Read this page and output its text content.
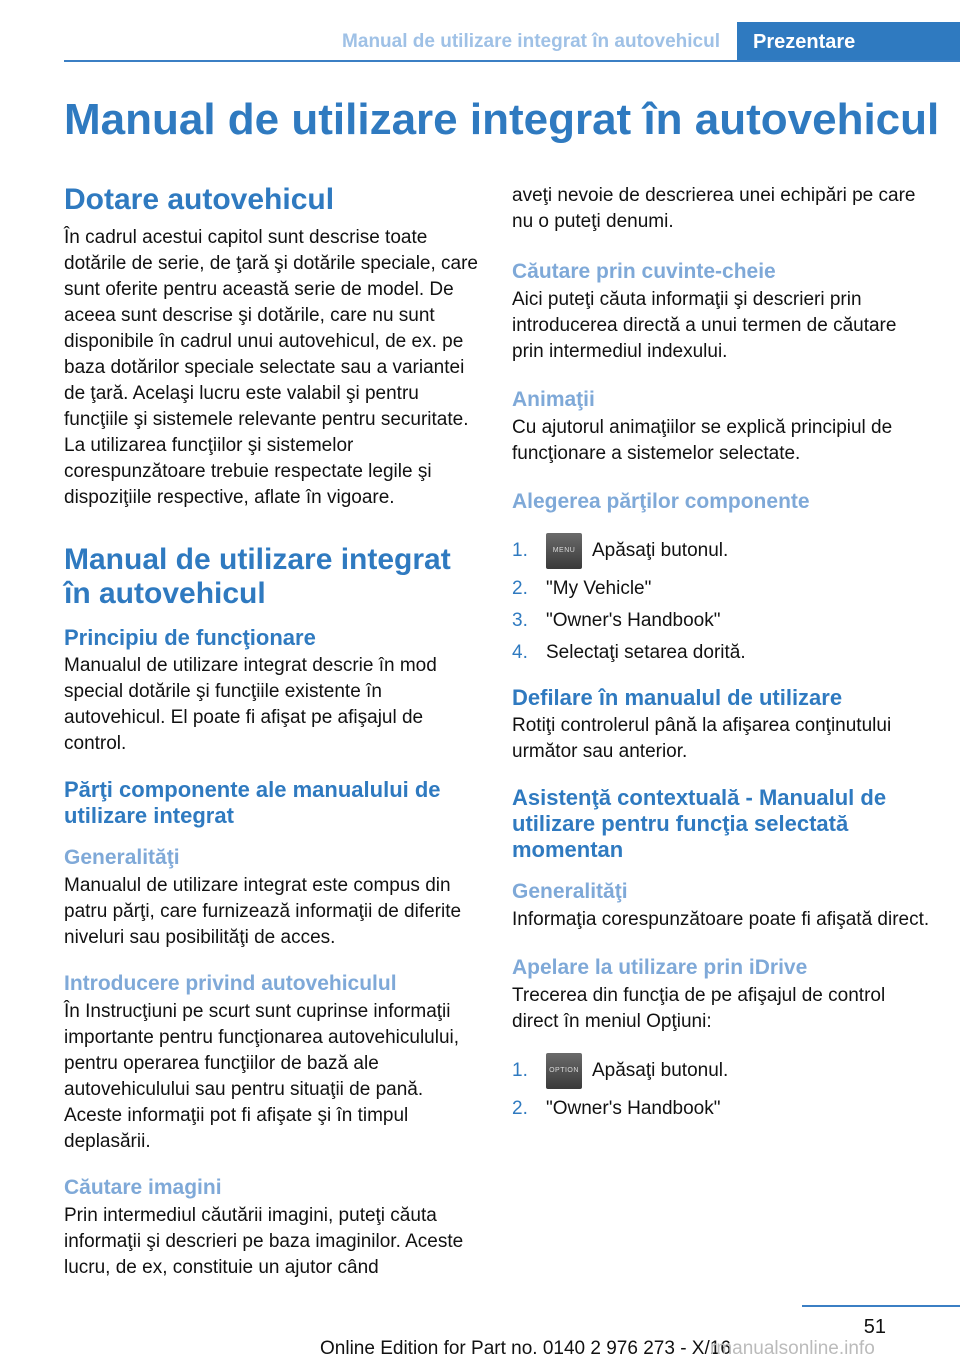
Manual de utilizare integrat în autovehicul	Prezentare
Manual de utilizare integrat în autovehicul
Dotare autovehicul

În cadrul acestui capitol sunt descrise toate dotările de serie, de ţară şi dotările speciale, care sunt oferite pentru această serie de model. De aceea sunt descrise şi dotările, care nu sunt disponibile în cadrul unui autovehicul, de ex. pe baza dotărilor speciale selectate sau a variantei de ţară. Acelaşi lucru este valabil şi pentru funcţiile şi sistemele relevante pentru securitate. La utilizarea funcţiilor şi sistemelor corespunzătoare trebuie respectate legile şi dispoziţiile respective, aflate în vigoare.

Manual de utilizare integrat în autovehicul
Principiu de funcţionare

Manualul de utilizare integrat descrie în mod special dotările şi funcţiile existente în autovehicul. El poate fi afişat pe afişajul de control.

Părţi componente ale manualului de utilizare integrat
Generalităţi

Manualul de utilizare integrat este compus din patru părţi, care furnizează informaţii de diferite niveluri sau posibilităţi de acces.

Introducere privind autovehiculul

În Instrucţiuni pe scurt sunt cuprinse informaţii importante pentru funcţionarea autovehiculului, pentru operarea funcţiilor de bază ale autovehiculului sau pentru situaţii de pană. Aceste informaţii pot fi afişate şi în timpul deplasării.

Căutare imagini

Prin intermediul căutării imagini, puteţi căuta informaţii şi descrieri pe baza imaginilor. Aceste lucru, de ex, constituie un ajutor când

aveţi nevoie de descrierea unei echipări pe care nu o puteţi denumi.

Căutare prin cuvinte-cheie

Aici puteţi căuta informaţii şi descrieri prin introducerea directă a unui termen de căutare prin intermediul indexului.

Animaţii

Cu ajutorul animaţiilor se explică principiul de funcţionare a sistemelor selectate.

Alegerea părţilor componente
1.	MENU Apăsaţi butonul.
2. "My Vehicle"
3. "Owner's Handbook"
4. Selectaţi setarea dorită.
Defilare în manualul de utilizare

Rotiţi controlerul până la afişarea conţinutului următor sau anterior.

Asistenţă contextuală - Manualul de utilizare pentru funcţia selectată momentan
Generalităţi

Informaţia corespunzătoare poate fi afişată direct.

Apelare la utilizare prin iDrive

Trecerea din funcţia de pe afişajul de control direct în meniul Opţiuni:

1.	OPTION Apăsaţi butonul.
2. "Owner's Handbook"
51
Online Edition for Part no. 0140 2 976 273 - X/16
rmanualsonline.info
